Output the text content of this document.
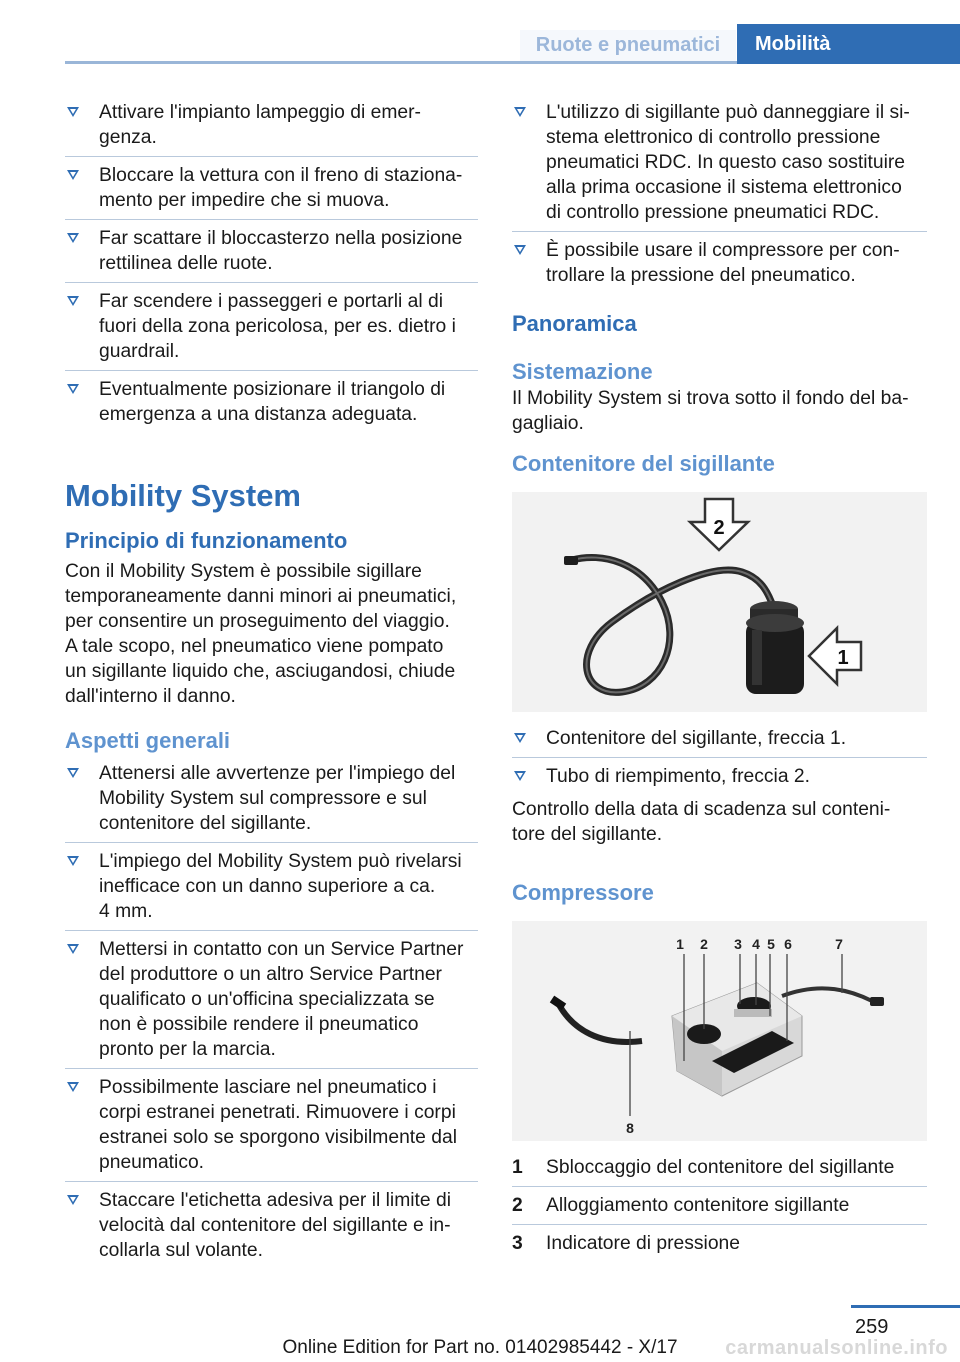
Ruote e pneumatici	Mobilità
Attivare l'impianto lampeggio di emer-
genza.
Bloccare la vettura con il freno di staziona-
mento per impedire che si muova.
Far scattare il bloccasterzo nella posizione
rettilinea delle ruote.
Far scendere i passeggeri e portarli al di
fuori della zona pericolosa, per es. dietro i
guardrail.
Eventualmente posizionare il triangolo di
emergenza a una distanza adeguata.
Mobility System
Principio di funzionamento

Con il Mobility System è possibile sigillare
temporaneamente danni minori ai pneumatici,
per consentire un proseguimento del viaggio.
A tale scopo, nel pneumatico viene pompato
un sigillante liquido che, asciugandosi, chiude
dall'interno il danno.

Aspetti generali
Attenersi alle avvertenze per l'impiego del
Mobility System sul compressore e sul
contenitore del sigillante.
L'impiego del Mobility System può rivelarsi
inefficace con un danno superiore a ca.
4 mm.
Mettersi in contatto con un Service Partner
del produttore o un altro Service Partner
qualificato o un'officina specializzata se
non è possibile rendere il pneumatico
pronto per la marcia.
Possibilmente lasciare nel pneumatico i
corpi estranei penetrati. Rimuovere i corpi
estranei solo se sporgono visibilmente dal
pneumatico.
Staccare l'etichetta adesiva per il limite di
velocità dal contenitore del sigillante e in-
collarla sul volante.
L'utilizzo di sigillante può danneggiare il si-
stema elettronico di controllo pressione
pneumatici RDC. In questo caso sostituire
alla prima occasione il sistema elettronico
di controllo pressione pneumatici RDC.
È possibile usare il compressore per con-
trollare la pressione del pneumatico.
Panoramica
Sistemazione

Il Mobility System si trova sotto il fondo del ba-
gagliaio.

Contenitore del sigillante
2
1
Contenitore del sigillante, freccia 1.
Tubo di riempimento, freccia 2.

Controllo della data di scadenza sul conteni-
tore del sigillante.

Compressore
1 2 3 4 5 6	7
8
1 Sbloccaggio del contenitore del sigillante
2 Alloggiamento contenitore sigillante
3 Indicatore di pressione
259
Online Edition for Part no. 01402985442 - X/17	carmanualsonline.info
